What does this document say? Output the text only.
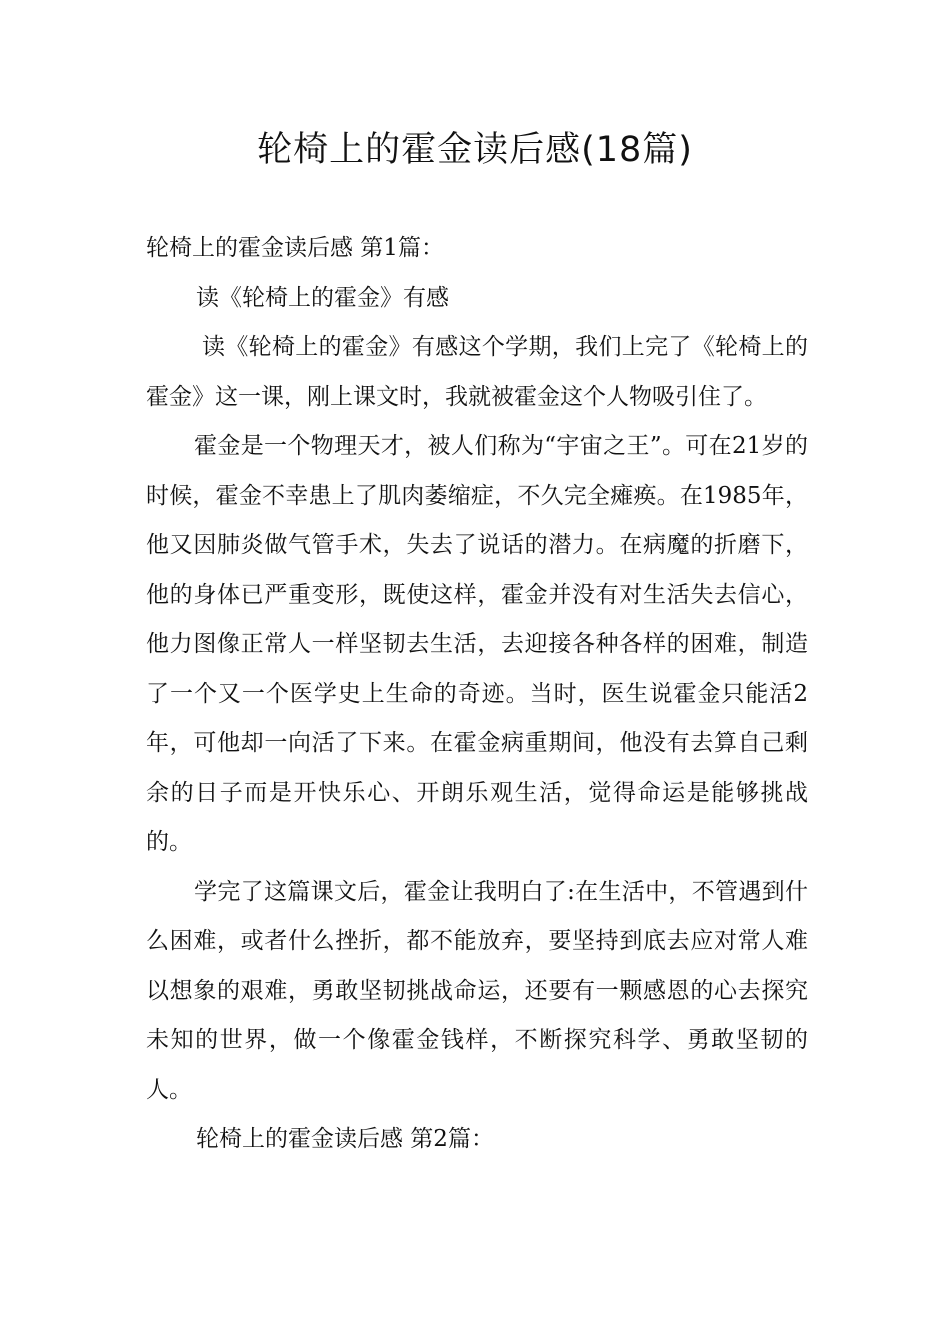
轮椅上的霍金读后感(18篇)

轮椅上的霍金读后感 第1篇：

读《轮椅上的霍金》有感

读《轮椅上的霍金》有感这个学期，我们上完了《轮椅上的霍金》这一课，刚上课文时，我就被霍金这个人物吸引住了。

霍金是一个物理天才，被人们称为“宇宙之王”。可在21岁的时候，霍金不幸患上了肌肉萎缩症，不久完全瘫痪。在1985年，他又因肺炎做气管手术，失去了说话的潜力。在病魔的折磨下，他的身体已严重变形，既使这样，霍金并没有对生活失去信心，他力图像正常人一样坚韧去生活，去迎接各种各样的困难，制造了一个又一个医学史上生命的奇迹。当时，医生说霍金只能活2年，可他却一向活了下来。在霍金病重期间，他没有去算自己剩余的日子而是开快乐心、开朗乐观生活，觉得命运是能够挑战的。

学完了这篇课文后，霍金让我明白了:在生活中，不管遇到什么困难，或者什么挫折，都不能放弃，要坚持到底去应对常人难以想象的艰难，勇敢坚韧挑战命运，还要有一颗感恩的心去探究未知的世界，做一个像霍金钱样，不断探究科学、勇敢坚韧的人。

轮椅上的霍金读后感 第2篇：
